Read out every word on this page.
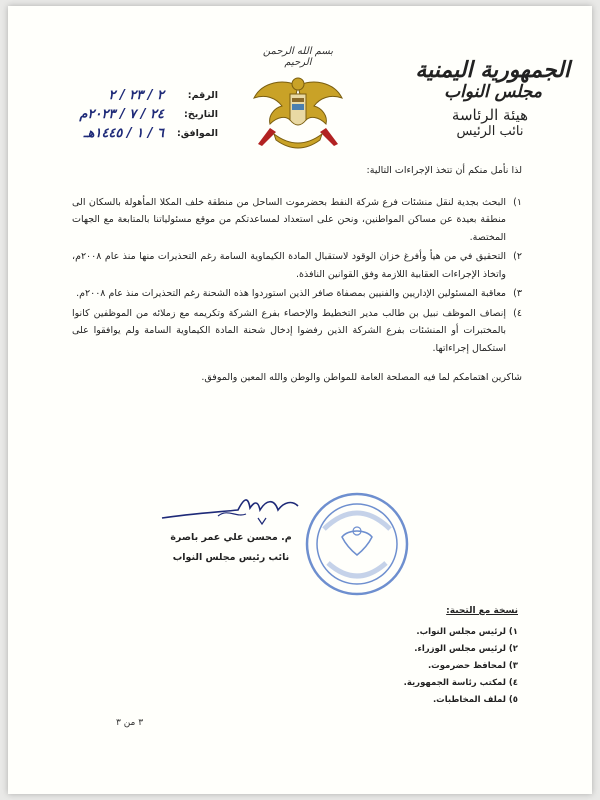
الجمهورية اليمنية
مجلس النواب
هيئة الرئاسة
نائب الرئيس
بسم الله الرحمن الرحيم
الرقم:
٢ / ٢٣ / ٢
التاريخ:
٢٤ / ٧ / ٢٠٢٣م
الموافق:
٦ / ١ / ١٤٤٥هـ
لذا نأمل منكم أن تتخذ الإجراءات التالية:
١)
البحث بجدية لنقل منشئات فرع شركة النفط بحضرموت الساحل من منطقة خلف المكلا المأهولة بالسكان الى منطقة بعيدة عن مساكن المواطنين، ونحن على استعداد لمساعدتكم من موقع مسئولياتنا بالمتابعة مع الجهات المختصة.
٢)
التحقيق في من هيأ وأفرغ خزان الوقود لاستقبال المادة الكيماوية السامة رغم التحذيرات منها منذ عام ٢٠٠٨م، واتخاذ الإجراءات العقابية اللازمة وفق القوانين النافذة.
٣)
معاقبة المسئولين الإداريين والفنيين بمصفاة صافر الذين استوردوا هذه الشحنة رغم التحذيرات منذ عام ٢٠٠٨م.
٤)
إنصاف الموظف نبيل بن طالب مدير التخطيط والإحصاء بفرع الشركة وتكريمه مع زملائه من الموظفين كانوا بالمختبرات أو المنشئات بفرع الشركة الذين رفضوا إدخال شحنة المادة الكيماوية السامة ولم يوافقوا على استكمال إجراءاتها.
شاكرين اهتمامكم لما فيه المصلحة العامة للمواطن والوطن والله المعين والموفق.
م. محسن علي عمر باصرة
نائب رئيس مجلس النواب
نسخة مع التحية:
١) لرئيس مجلس النواب.
٢) لرئيس مجلس الوزراء.
٣) لمحافظ حضرموت.
٤) لمكتب رئاسة الجمهورية.
٥) لملف المخاطبات.
٣ من ٣
